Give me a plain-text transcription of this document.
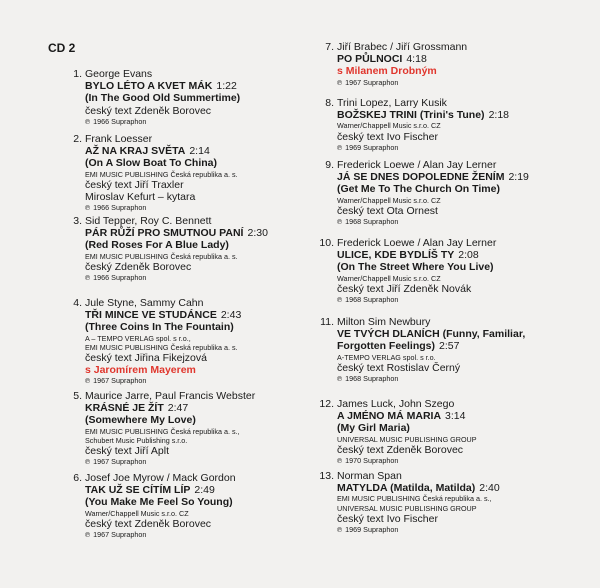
CD 2
1. George Evans
BYLO LÉTO A KVET MÁK 1:22
(In The Good Old Summertime)
český text Zdeněk Borovec
℗ 1966 Supraphon
2. Frank Loesser
AŽ NA KRAJ SVĚTA 2:14
(On A Slow Boat To China)
EMI MUSIC PUBLISHING Česká republika a. s.
český text Jiří Traxler
Miroslav Kefurt – kytara
℗ 1966 Supraphon
3. Sid Tepper, Roy C. Bennett
PÁR RŮŽÍ PRO SMUTNOU PANÍ 2:30
(Red Roses For A Blue Lady)
EMI MUSIC PUBLISHING Česká republika a. s.
český Zdeněk Borovec
℗ 1966 Supraphon
4. Jule Styne, Sammy Cahn
TŘI MINCE VE STUDÁNCE 2:43
(Three Coins In The Fountain)
A – TEMPO VERLAG spol. s r.o.,
EMI MUSIC PUBLISHING Česká republika a. s.
český text Jiřina Fikejzová
s Jaromírem Mayerem
℗ 1967 Supraphon
5. Maurice Jarre, Paul Francis Webster
KRÁSNÉ JE ŽÍT 2:47
(Somewhere My Love)
EMI MUSIC PUBLISHING Česká republika a. s.,
Schubert Music Publishing s.r.o.
český text Jiří Aplt
℗ 1967 Supraphon
6. Josef Joe Myrow / Mack Gordon
TAK UŽ SE CÍTÍM LÍP 2:49
(You Make Me Feel So Young)
Warner/Chappell Music s.r.o. CZ
český text Zdeněk Borovec
℗ 1967 Supraphon
7. Jiří Brabec / Jiří Grossmann
PO PŮLNOCI 4:18
s Milanem Drobným
℗ 1967 Supraphon
8. Trini Lopez, Larry Kusik
BOŽSKEJ TRINI (Trini's Tune) 2:18
Warner/Chappell Music s.r.o. CZ
český text Ivo Fischer
℗ 1969 Supraphon
9. Frederick Loewe / Alan Jay Lerner
JÁ SE DNES DOPOLEDNE ŽENÍM 2:19
(Get Me To The Church On Time)
Warner/Chappell Music s.r.o. CZ
český text Ota Ornest
℗ 1968 Supraphon
10. Frederick Loewe / Alan Jay Lerner
ULICE, KDE BYDLÍŠ TY 2:08
(On The Street Where You Live)
Warner/Chappell Music s.r.o. CZ
český text Jiří Zdeněk Novák
℗ 1968 Supraphon
11. Milton Sim Newbury
VE TVÝCH DLANÍCH (Funny, Familiar,
Forgotten Feelings) 2:57
A-TEMPO VERLAG spol. s r.o.
český text Rostislav Černý
℗ 1968 Supraphon
12. James Luck, John Szego
A JMÉNO MÁ MARIA 3:14
(My Girl Maria)
UNIVERSAL MUSIC PUBLISHING GROUP
český text Zdeněk Borovec
℗ 1970 Supraphon
13. Norman Span
MATYLDA (Matilda, Matilda) 2:40
EMI MUSIC PUBLISHING Česká republika a. s.,
UNIVERSAL MUSIC PUBLISHING GROUP
český text Ivo Fischer
℗ 1969 Supraphon
